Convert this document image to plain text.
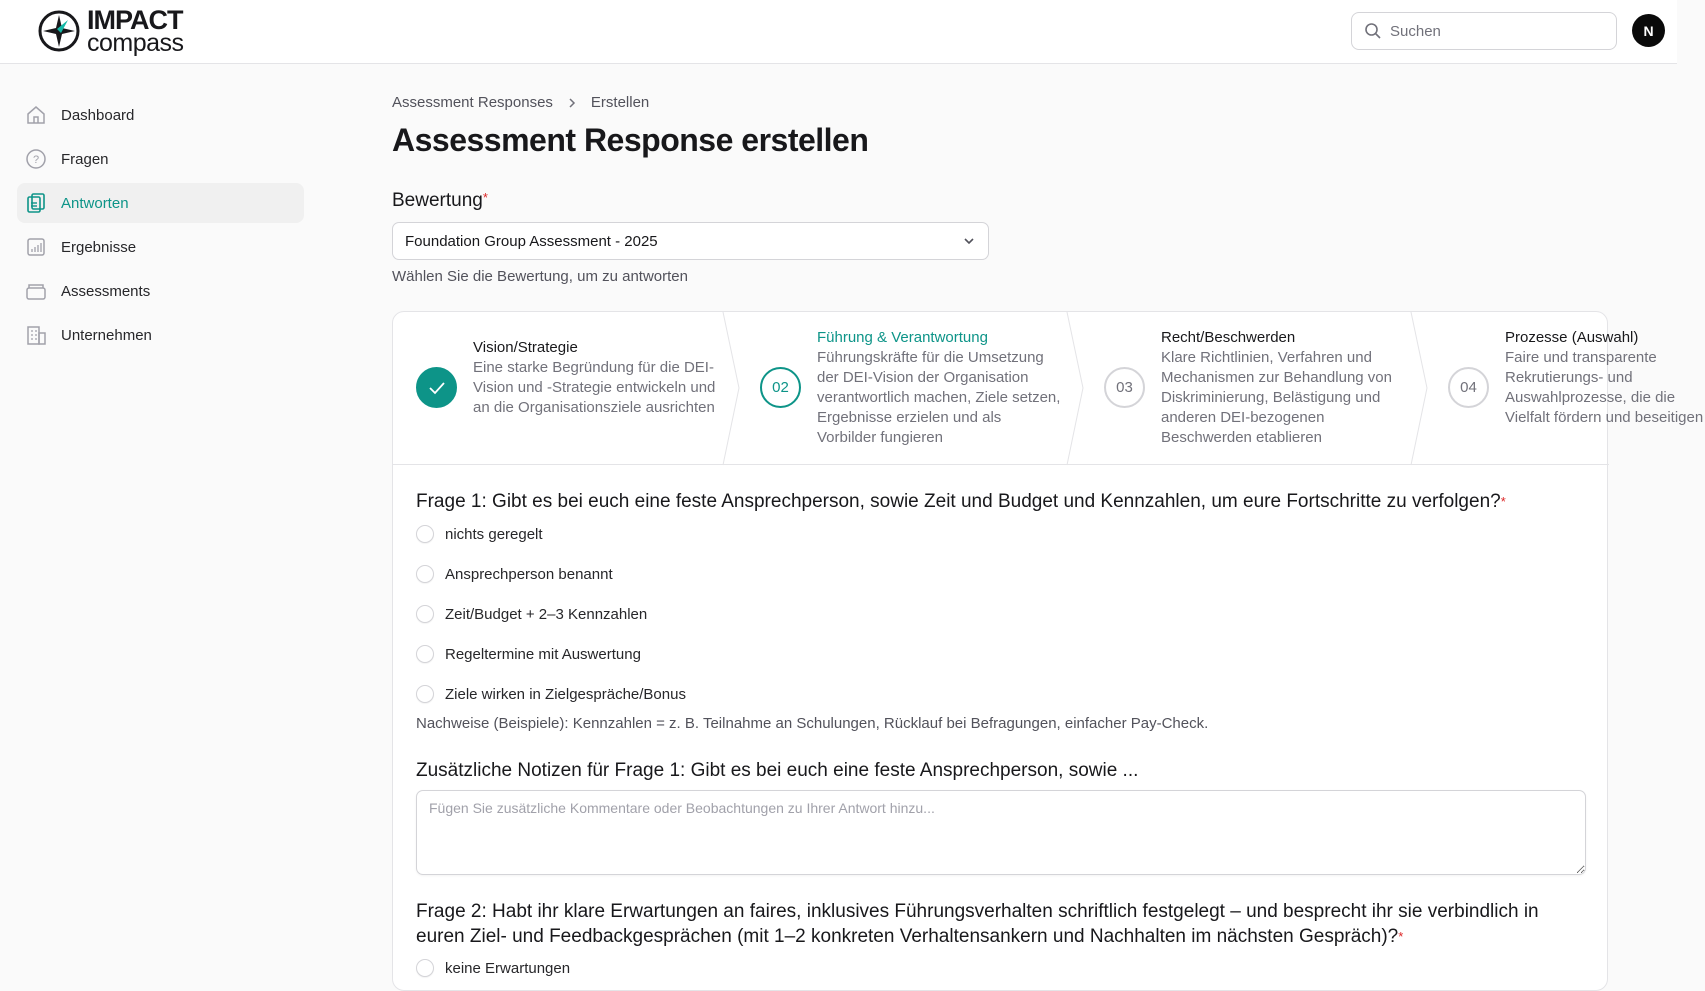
IMPACT
compass
Suchen	N
Dashboard
? Fragen
Antworten
Ergebnisse
Assessments
Unternehmen
Assessment Responses	Erstellen
Assessment Response erstellen
Bewertung*
Foundation Group Assessment - 2025
Wählen Sie die Bewertung, um zu antworten
Vision/Strategie
Eine starke Begründung für die DEI-Vision und -Strategie entwickeln und an die Organisationsziele ausrichten
02
Führung & Verantwortung
Führungskräfte für die Umsetzung der DEI-Vision der Organisation verantwortlich machen, Ziele setzen, Ergebnisse erzielen und als Vorbilder fungieren
03
Recht/Beschwerden
Klare Richtlinien, Verfahren und Mechanismen zur Behandlung von Diskriminierung, Belästigung und anderen DEI-bezogenen Beschwerden etablieren
04
Prozesse (Auswahl)
Faire und transparente Rekrutierungs- und Auswahlprozesse, die die Vielfalt fördern und beseitigen
Frage 1: Gibt es bei euch eine feste Ansprechperson, sowie Zeit und Budget und Kennzahlen, um eure Fortschritte zu verfolgen?*
nichts geregelt
Ansprechperson benannt
Zeit/Budget + 2–3 Kennzahlen
Regeltermine mit Auswertung
Ziele wirken in Zielgespräche/Bonus
Nachweise (Beispiele): Kennzahlen = z. B. Teilnahme an Schulungen, Rücklauf bei Befragungen, einfacher Pay-Check.
Zusätzliche Notizen für Frage 1: Gibt es bei euch eine feste Ansprechperson, sowie ...
Fügen Sie zusätzliche Kommentare oder Beobachtungen zu Ihrer Antwort hinzu...
Frage 2: Habt ihr klare Erwartungen an faires, inklusives Führungsverhalten schriftlich festgelegt – und besprecht ihr sie verbindlich in euren Ziel- und Feedbackgesprächen (mit 1–2 konkreten Verhaltensankern und Nachhalten im nächsten Gespräch)?*
keine Erwartungen
